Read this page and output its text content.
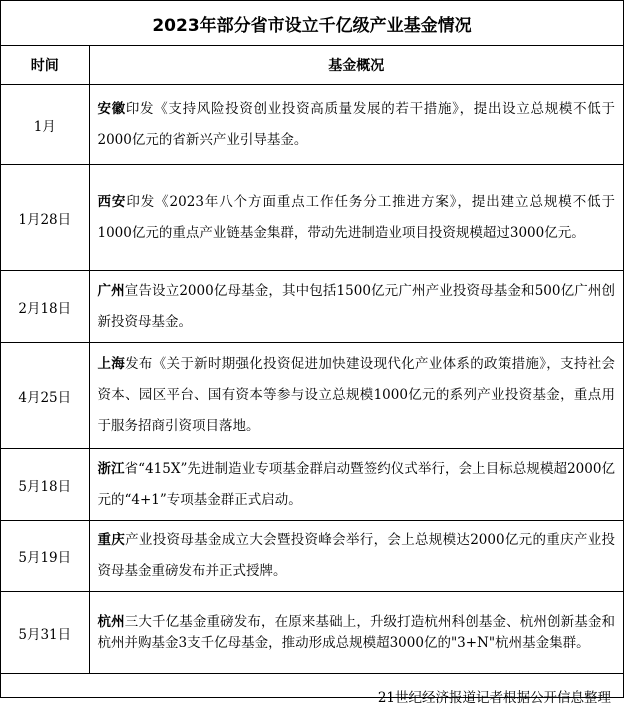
2023年部分省市设立千亿级产业基金情况
时间	基金概况
1月	安徽印发《支持风险投资创业投资高质量发展的若干措施》，提出设立总规模不低于2000亿元的省新兴产业引导基金。
1月28日	西安印发《2023年八个方面重点工作任务分工推进方案》，提出建立总规模不低于1000亿元的重点产业链基金集群，带动先进制造业项目投资规模超过3000亿元。
2月18日	广州宣告设立2000亿母基金，其中包括1500亿元广州产业投资母基金和500亿广州创新投资母基金。
4月25日	上海发布《关于新时期强化投资促进加快建设现代化产业体系的政策措施》，支持社会资本、园区平台、国有资本等参与设立总规模1000亿元的系列产业投资基金，重点用于服务招商引资项目落地。
5月18日	浙江省“415X”先进制造业专项基金群启动暨签约仪式举行，会上目标总规模超2000亿元的“4+1”专项基金群正式启动。
5月19日	重庆产业投资母基金成立大会暨投资峰会举行，会上总规模达2000亿元的重庆产业投资母基金重磅发布并正式授牌。
5月31日	杭州三大千亿基金重磅发布，在原来基础上，升级打造杭州科创基金、杭州创新基金和杭州并购基金3支千亿母基金，推动形成总规模超3000亿的"3+N"杭州基金集群。
21世纪经济报道记者根据公开信息整理	
